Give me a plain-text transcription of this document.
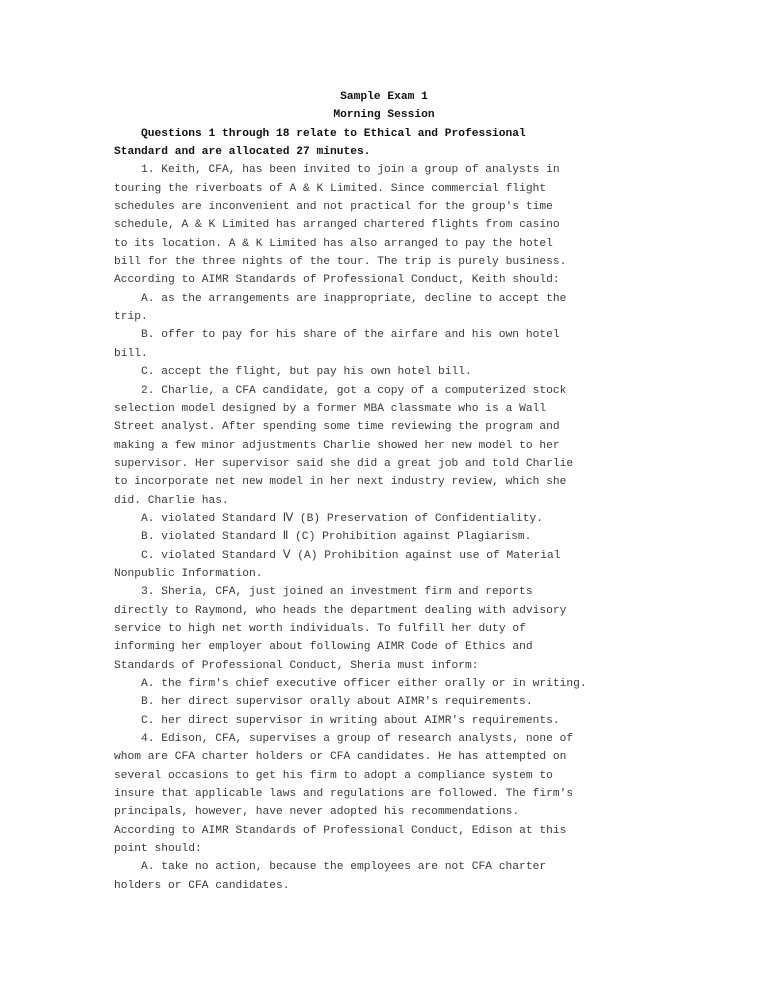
Sample Exam 1
Morning Session
Questions 1 through 18 relate to Ethical and Professional
Standard and are allocated 27 minutes.
1. Keith, CFA, has been invited to join a group of analysts in
touring the riverboats of A & K Limited. Since commercial flight
schedules are inconvenient and not practical for the group's time
schedule, A & K Limited has arranged chartered flights from casino
to its location. A & K Limited has also arranged to pay the hotel
bill for the three nights of the tour. The trip is purely business.
According to AIMR Standards of Professional Conduct, Keith should:
A. as the arrangements are inappropriate, decline to accept the
trip.
B. offer to pay for his share of the airfare and his own hotel
bill.
C. accept the flight, but pay his own hotel bill.
2. Charlie, a CFA candidate, got a copy of a computerized stock
selection model designed by a former MBA classmate who is a Wall
Street analyst. After spending some time reviewing the program and
making a few minor adjustments Charlie showed her new model to her
supervisor. Her supervisor said she did a great job and told Charlie
to incorporate net new model in her next industry review, which she
did. Charlie has.
A. violated Standard Ⅳ (B) Preservation of Confidentiality.
B. violated Standard Ⅱ (C) Prohibition against Plagiarism.
C. violated Standard Ⅴ (A) Prohibition against use of Material
Nonpublic Information.
3. Sheria, CFA, just joined an investment firm and reports
directly to Raymond, who heads the department dealing with advisory
service to high net worth individuals. To fulfill her duty of
informing her employer about following AIMR Code of Ethics and
Standards of Professional Conduct, Sheria must inform:
A. the firm's chief executive officer either orally or in writing.
B. her direct supervisor orally about AIMR's requirements.
C. her direct supervisor in writing about AIMR's requirements.
4. Edison, CFA, supervises a group of research analysts, none of
whom are CFA charter holders or CFA candidates. He has attempted on
several occasions to get his firm to adopt a compliance system to
insure that applicable laws and regulations are followed. The firm's
principals, however, have never adopted his recommendations.
According to AIMR Standards of Professional Conduct, Edison at this
point should:
A. take no action, because the employees are not CFA charter
holders or CFA candidates.
